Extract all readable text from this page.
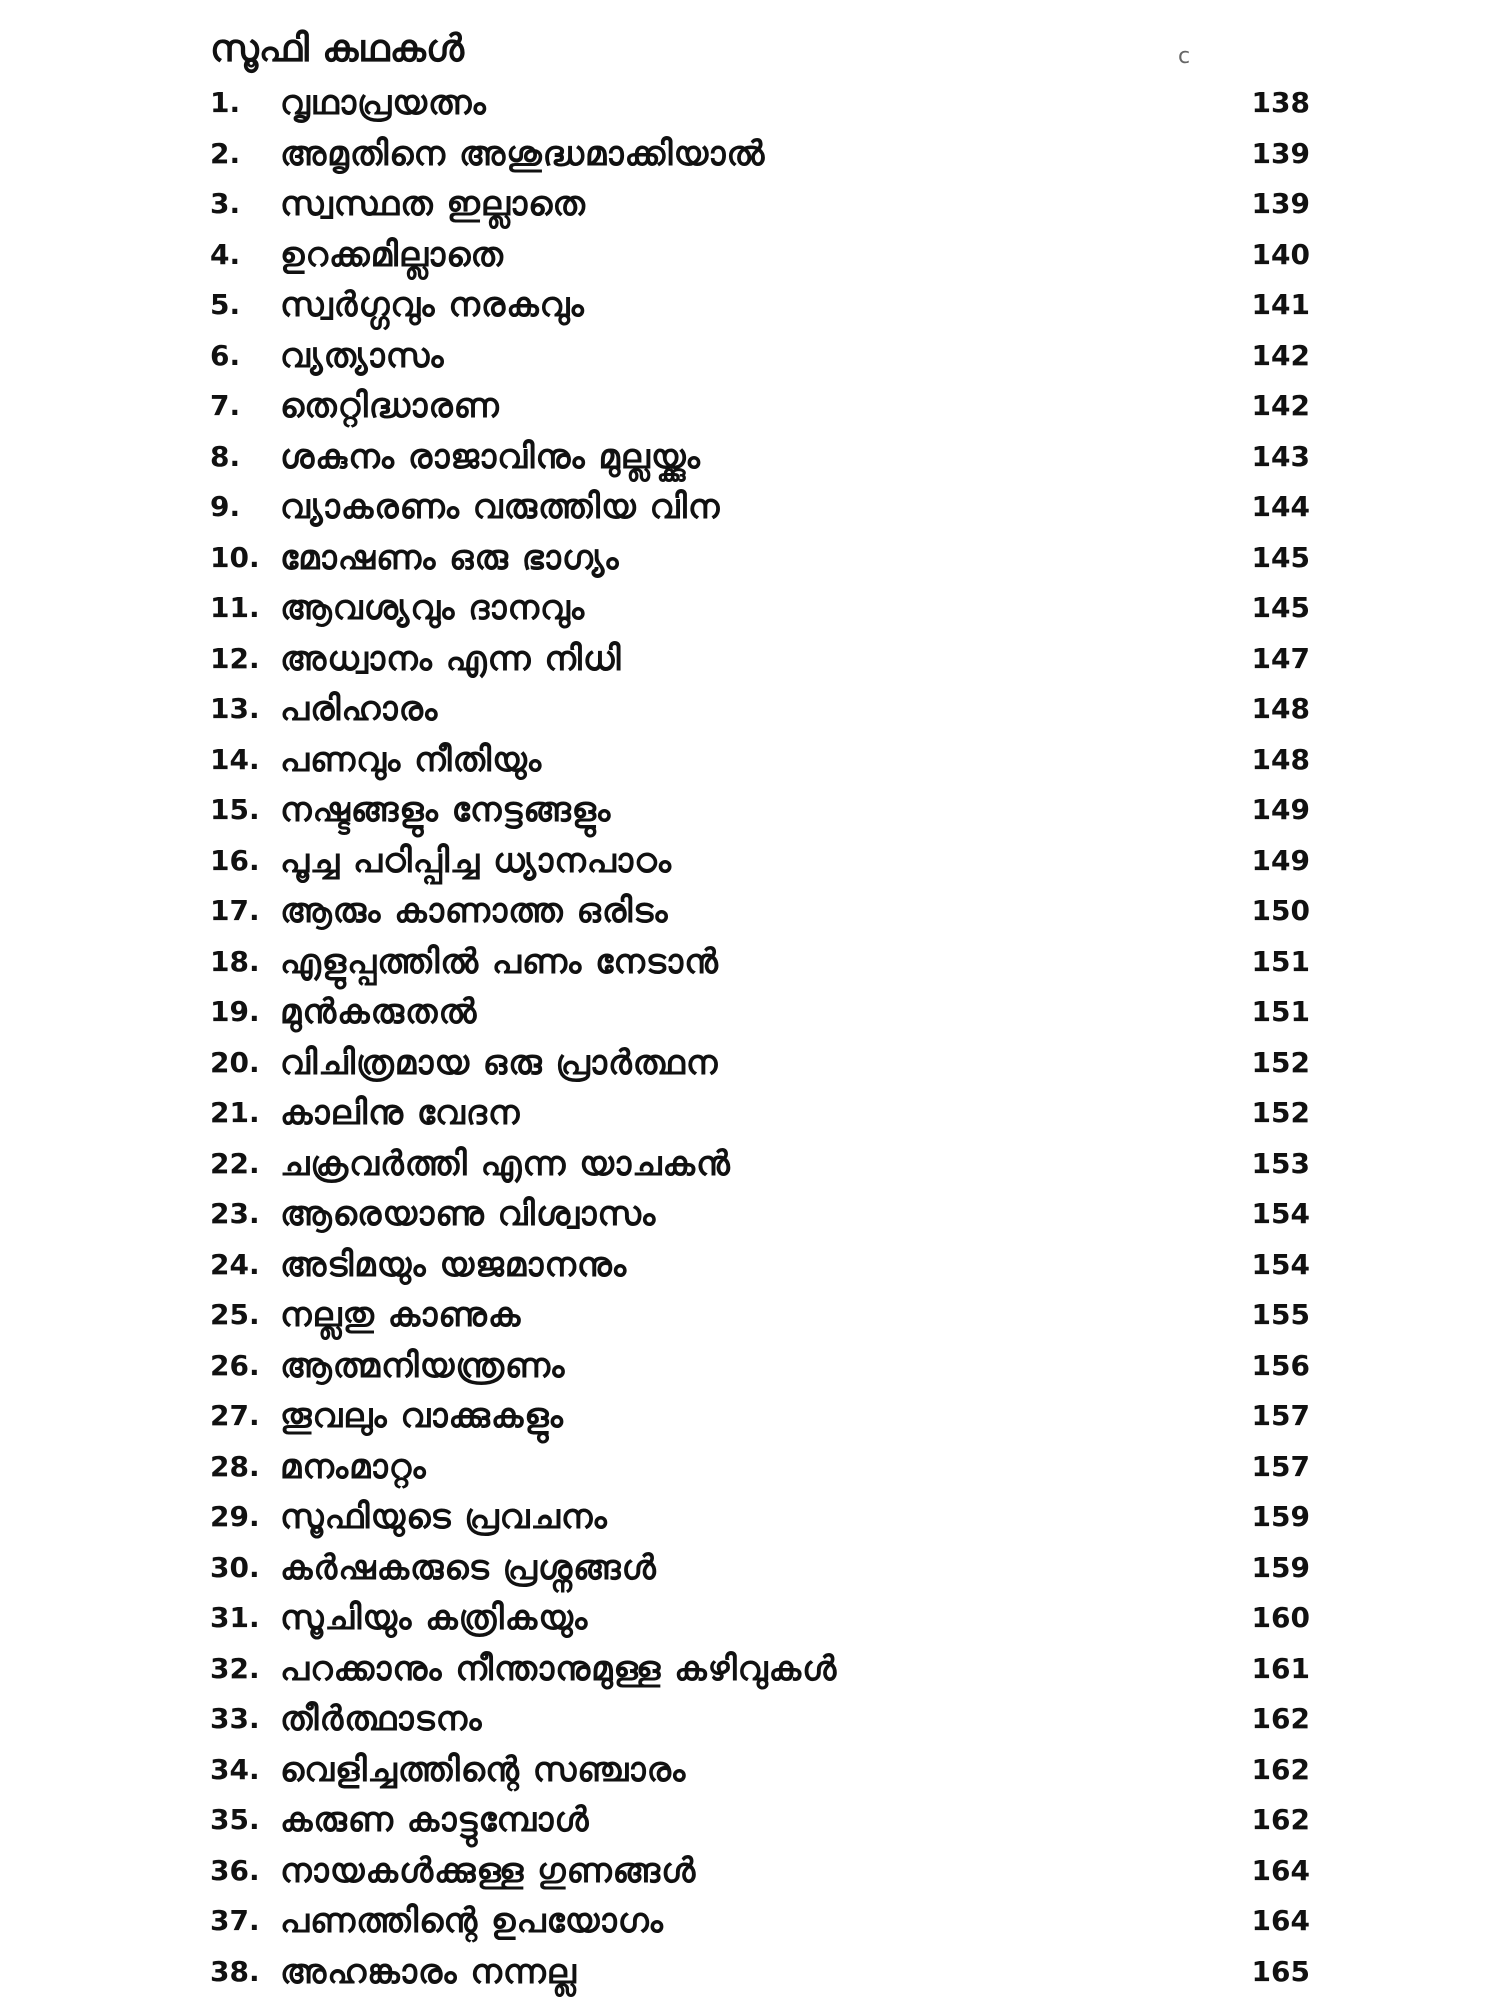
സൂഫി കഥകൾ	c
1. വൃഥാപ്രയത്നം	138
2. അമൃതിനെ അശുദ്ധമാക്കിയാൽ	139
3. സ്വസ്ഥത ഇല്ലാതെ	139
4. ഉറക്കമില്ലാതെ	140
5. സ്വർഗ്ഗവും നരകവും	141
6. വ്യത്യാസം	142
7. തെറ്റിദ്ധാരണ	142
8. ശകുനം രാജാവിനും മുല്ലയ്ക്കും	143
9. വ്യാകരണം വരുത്തിയ വിന	144
10. മോഷണം ഒരു ഭാഗ്യം	145
11. ആവശ്യവും ദാനവും	145
12. അധ്വാനം എന്ന നിധി	147
13. പരിഹാരം	148
14. പണവും നീതിയും	148
15. നഷ്ടങ്ങളും നേട്ടങ്ങളും	149
16. പൂച്ച പഠിപ്പിച്ച ധ്യാനപാഠം	149
17. ആരും കാണാത്ത ഒരിടം	150
18. എളുപ്പത്തിൽ പണം നേടാൻ	151
19. മുൻകരുതൽ	151
20. വിചിത്രമായ ഒരു പ്രാർത്ഥന	152
21. കാലിനു വേദന	152
22. ചക്രവർത്തി എന്ന യാചകൻ	153
23. ആരെയാണു വിശ്വാസം	154
24. അടിമയും യജമാനനും	154
25. നല്ലതു കാണുക	155
26. ആത്മനിയന്ത്രണം	156
27. തൂവലും വാക്കുകളും	157
28. മനംമാറ്റം	157
29. സൂഫിയുടെ പ്രവചനം	159
30. കർഷകരുടെ പ്രശ്നങ്ങൾ	159
31. സൂചിയും കത്രികയും	160
32. പറക്കാനും നീന്താനുമുള്ള കഴിവുകൾ	161
33. തീർത്ഥാടനം	162
34. വെളിച്ചത്തിന്റെ സഞ്ചാരം	162
35. കരുണ കാട്ടുമ്പോൾ	162
36. നായകൾക്കുള്ള ഗുണങ്ങൾ	164
37. പണത്തിന്റെ ഉപയോഗം	164
38. അഹങ്കാരം നന്നല്ല	165
